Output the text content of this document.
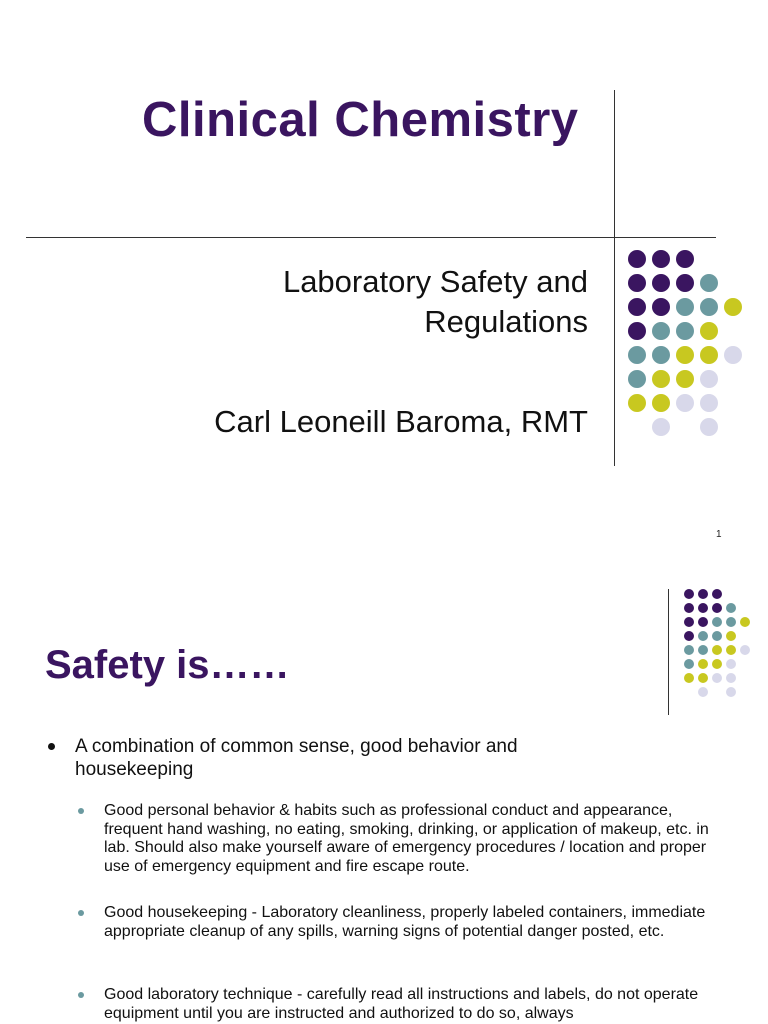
Clinical Chemistry
Laboratory Safety and
Regulations
Carl Leoneill Baroma, RMT
1
Safety is……
A combination of common sense, good behavior and housekeeping
Good personal behavior & habits such as professional conduct and appearance, frequent hand washing, no eating, smoking, drinking, or application of makeup, etc. in lab. Should also make yourself aware of emergency procedures / location and proper use of emergency equipment and fire escape route.
Good housekeeping - Laboratory cleanliness, properly labeled containers, immediate appropriate cleanup of any spills, warning signs of potential danger posted, etc.
Good laboratory technique - carefully read all instructions and labels, do not operate equipment until you are instructed and authorized to do so, always
